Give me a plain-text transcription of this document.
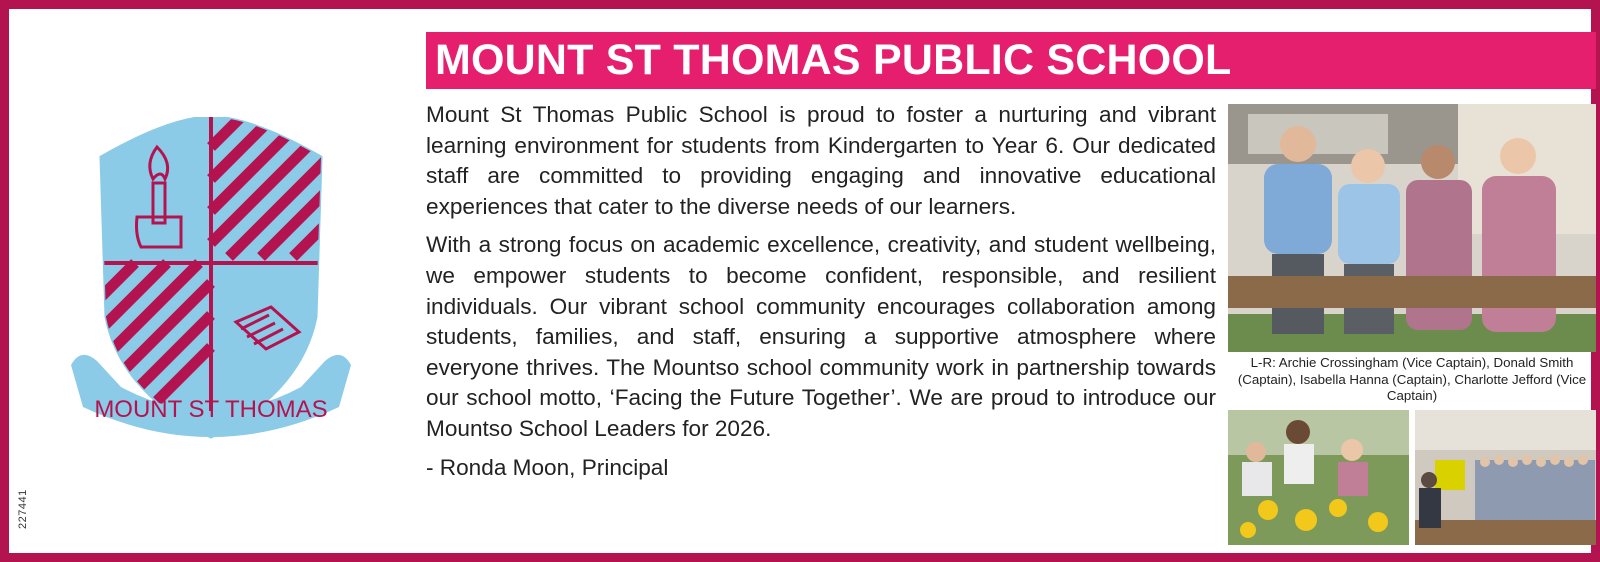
MOUNT ST THOMAS
227441
MOUNT ST THOMAS PUBLIC SCHOOL

Mount St Thomas Public School is proud to foster a nurturing and vibrant learning environment for students from Kindergarten to Year 6. Our dedicated staff are committed to providing engaging and innovative educational experiences that cater to the diverse needs of our learners.

With a strong focus on academic excellence, creativity, and student wellbeing, we empower students to become confident, responsible, and resilient individuals. Our vibrant school community encourages collaboration among students, families, and staff, ensuring a supportive atmosphere where everyone thrives. The Mountso school community work in partnership towards our school motto, ‘Facing the Future Together’. We are proud to introduce our Mountso School Leaders for 2026.

- Ronda Moon, Principal

L-R: Archie Crossingham (Vice Captain), Donald Smith (Captain), Isabella Hanna (Captain), Charlotte Jefford (Vice Captain)
